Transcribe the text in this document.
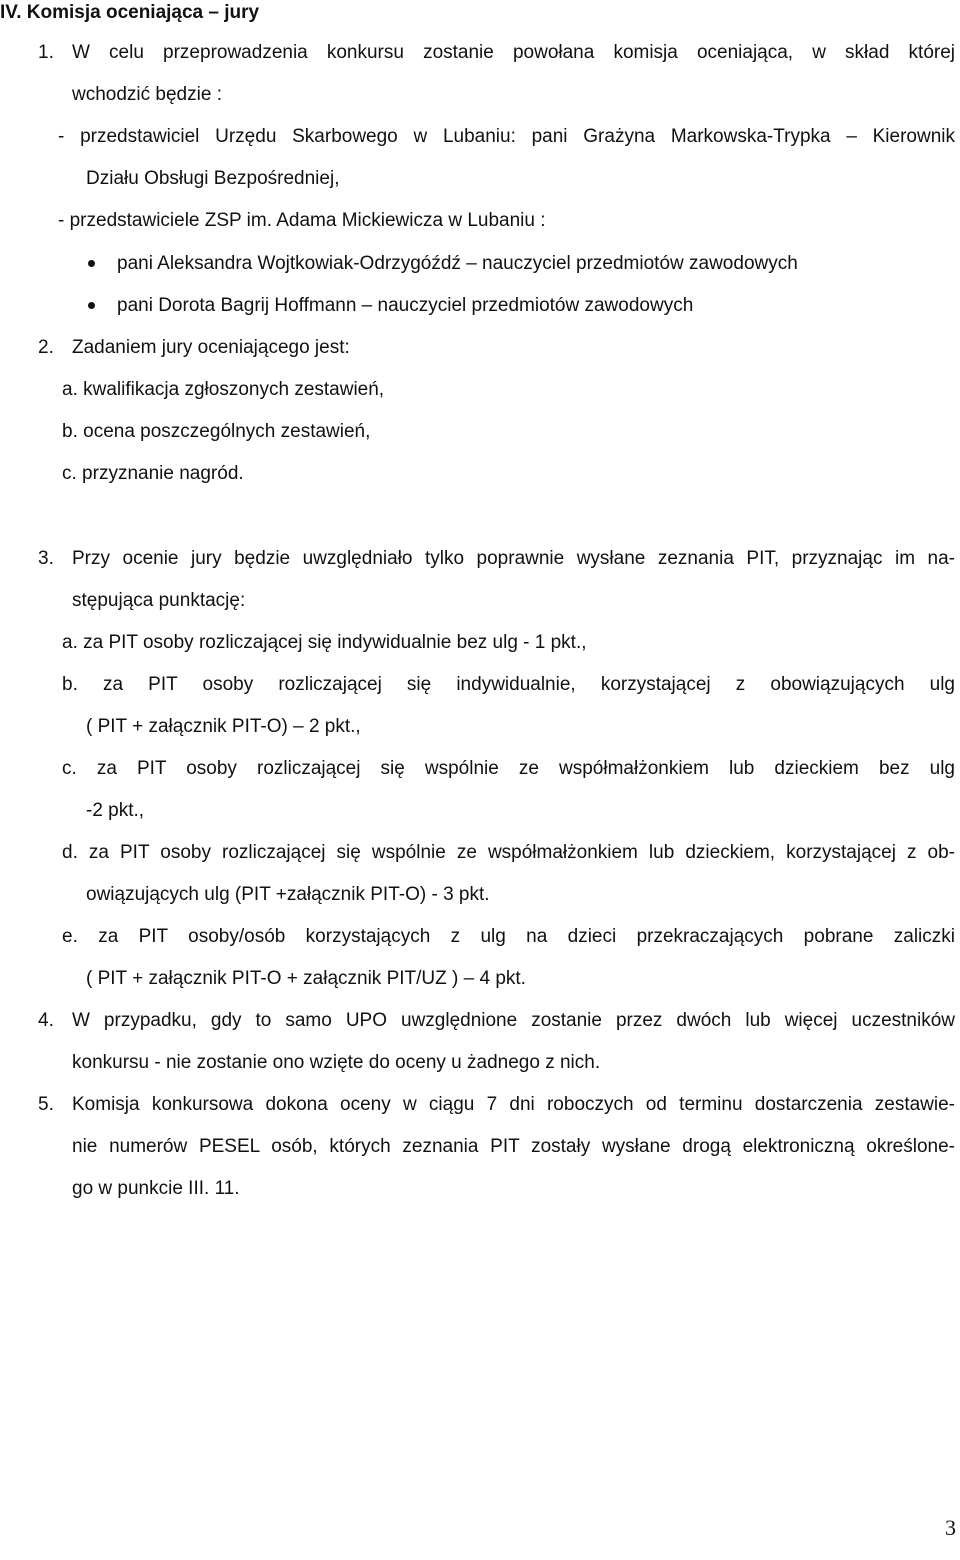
IV. Komisja oceniająca – jury
1. W celu przeprowadzenia konkursu zostanie powołana komisja oceniająca, w skład której
wchodzić będzie :
- przedstawiciel Urzędu Skarbowego w Lubaniu: pani Grażyna Markowska-Trypka – Kierownik
Działu Obsługi Bezpośredniej,
- przedstawiciele ZSP im. Adama Mickiewicza w Lubaniu :
pani Aleksandra Wojtkowiak-Odrzygóźdź – nauczyciel przedmiotów zawodowych
pani Dorota Bagrij Hoffmann – nauczyciel przedmiotów zawodowych
2. Zadaniem jury oceniającego jest:
a. kwalifikacja zgłoszonych zestawień,
b. ocena poszczególnych zestawień,
c. przyznanie nagród.
3. Przy ocenie jury będzie uwzględniało tylko poprawnie wysłane zeznania PIT, przyznając im na-
stępująca punktację:
a. za PIT osoby rozliczającej się indywidualnie bez ulg - 1 pkt.,
b. za PIT osoby rozliczającej się indywidualnie, korzystającej z obowiązujących ulg
( PIT + załącznik PIT-O) – 2 pkt.,
c. za PIT osoby rozliczającej się wspólnie ze współmałżonkiem lub dzieckiem bez ulg
-2 pkt.,
d. za PIT osoby rozliczającej się wspólnie ze współmałżonkiem lub dzieckiem, korzystającej z ob-
owiązujących ulg (PIT +załącznik PIT-O) - 3 pkt.
e. za PIT osoby/osób korzystających z ulg na dzieci przekraczających pobrane zaliczki
( PIT + załącznik PIT-O + załącznik PIT/UZ ) – 4 pkt.
4. W przypadku, gdy to samo UPO uwzględnione zostanie przez dwóch lub więcej uczestników
konkursu - nie zostanie ono wzięte do oceny u żadnego z nich.
5. Komisja konkursowa dokona oceny w ciągu 7 dni roboczych od terminu dostarczenia zestawie-
nie numerów PESEL osób, których zeznania PIT zostały wysłane drogą elektroniczną określone-
go w punkcie III. 11.
3
